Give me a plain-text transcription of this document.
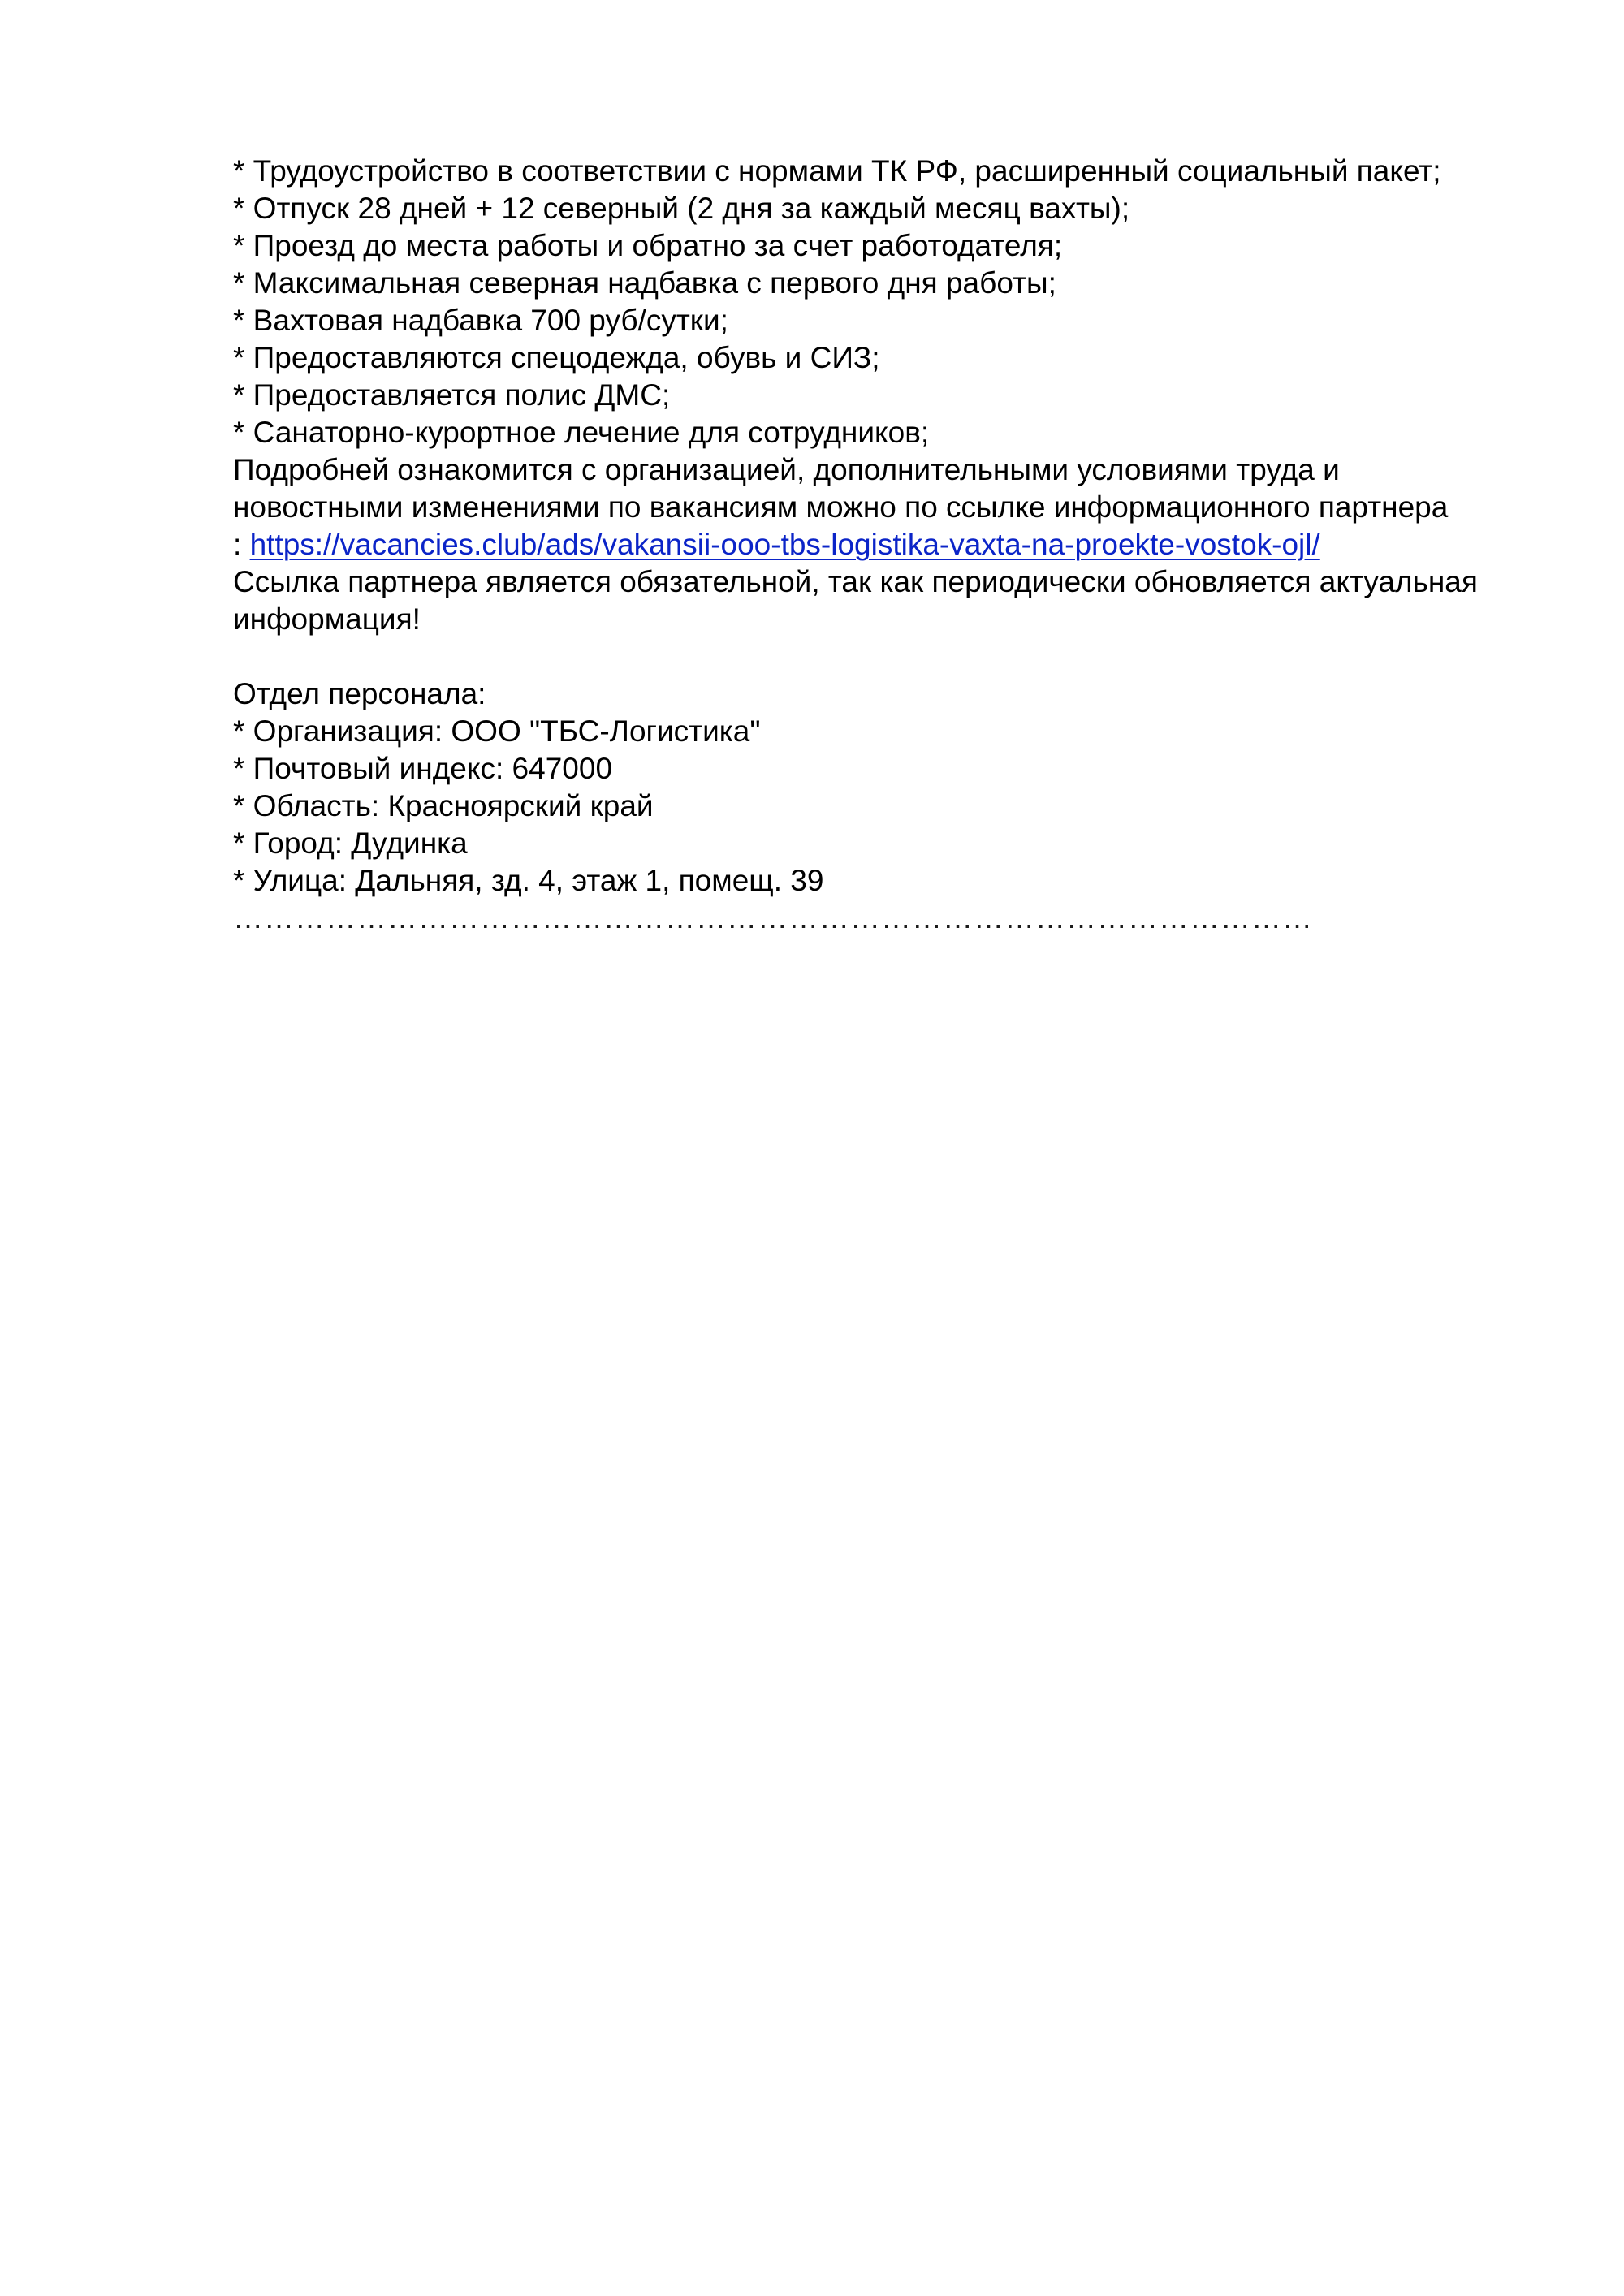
* Трудоустройство в соответствии с нормами ТК РФ, расширенный социальный пакет;
* Отпуск 28 дней + 12 северный (2 дня за каждый месяц вахты);
* Проезд до места работы и обратно за счет работодателя;
* Максимальная северная надбавка с первого дня работы;
* Вахтовая надбавка 700 руб/сутки;
* Предоставляются спецодежда, обувь и СИЗ;
* Предоставляется полис ДМС;
* Санаторно-курортное лечение для сотрудников;
Подробней ознакомится с организацией, дополнительными условиями труда и
новостными изменениями по вакансиям можно по ссылке информационного партнера
: https://vacancies.club/ads/vakansii-ooo-tbs-logistika-vaxta-na-proekte-vostok-ojl/
Ссылка партнера является обязательной, так как периодически обновляется актуальная
информация!
Отдел персонала:
* Организация: ООО "ТБС-Логистика"
* Почтовый индекс: 647000
* Область: Красноярский край
* Город: Дудинка
* Улица: Дальняя, зд. 4, этаж 1, помещ. 39
……………………………………………………………………………………………
